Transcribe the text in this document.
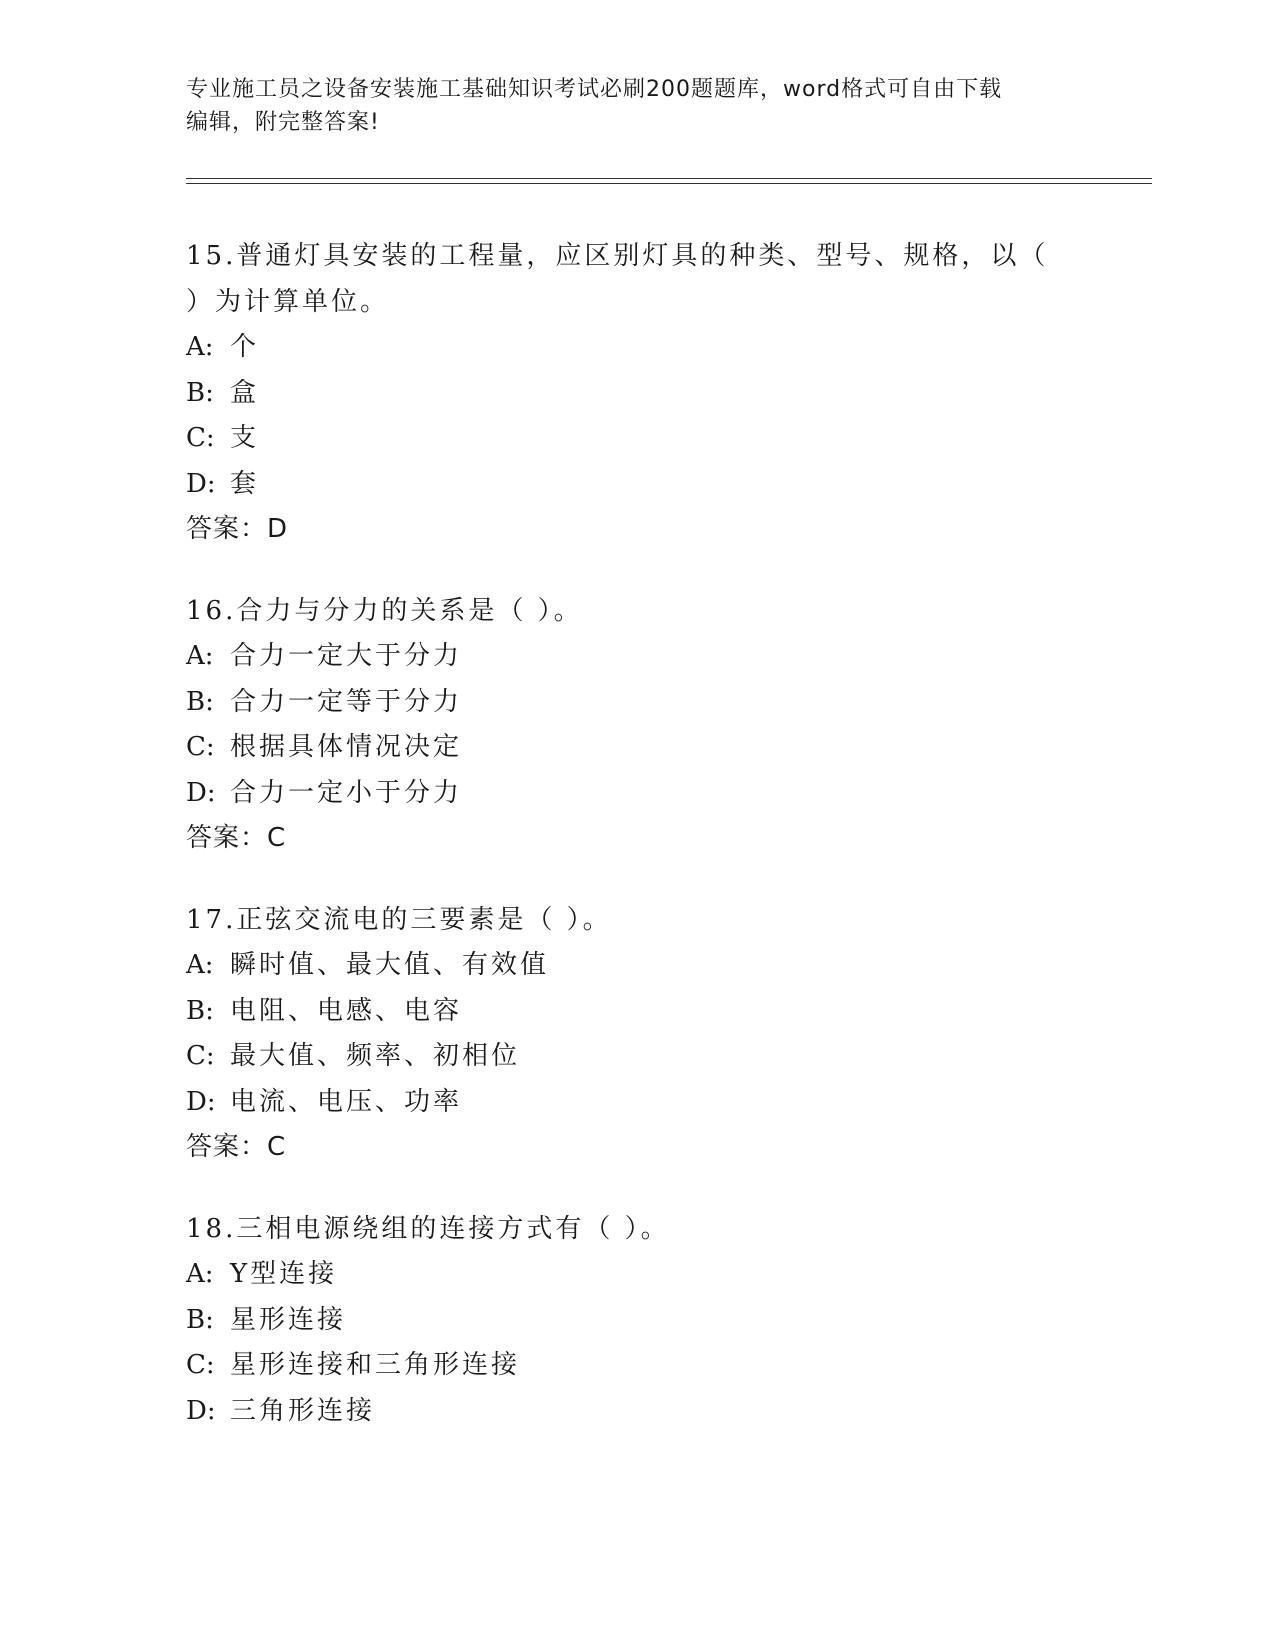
专业施工员之设备安装施工基础知识考试必刷200题题库，word格式可自由下载
编辑，附完整答案!
15.普通灯具安装的工程量，应区别灯具的种类、型号、规格，以（
）为计算单位。
A: 个
B: 盒
C: 支
D: 套
答案：D
16.合力与分力的关系是（ ）。
A: 合力一定大于分力
B: 合力一定等于分力
C: 根据具体情况决定
D: 合力一定小于分力
答案：C
17.正弦交流电的三要素是（ ）。
A: 瞬时值、最大值、有效值
B: 电阻、电感、电容
C: 最大值、频率、初相位
D: 电流、电压、功率
答案：C
18.三相电源绕组的连接方式有（ ）。
A: Y型连接
B: 星形连接
C: 星形连接和三角形连接
D: 三角形连接
